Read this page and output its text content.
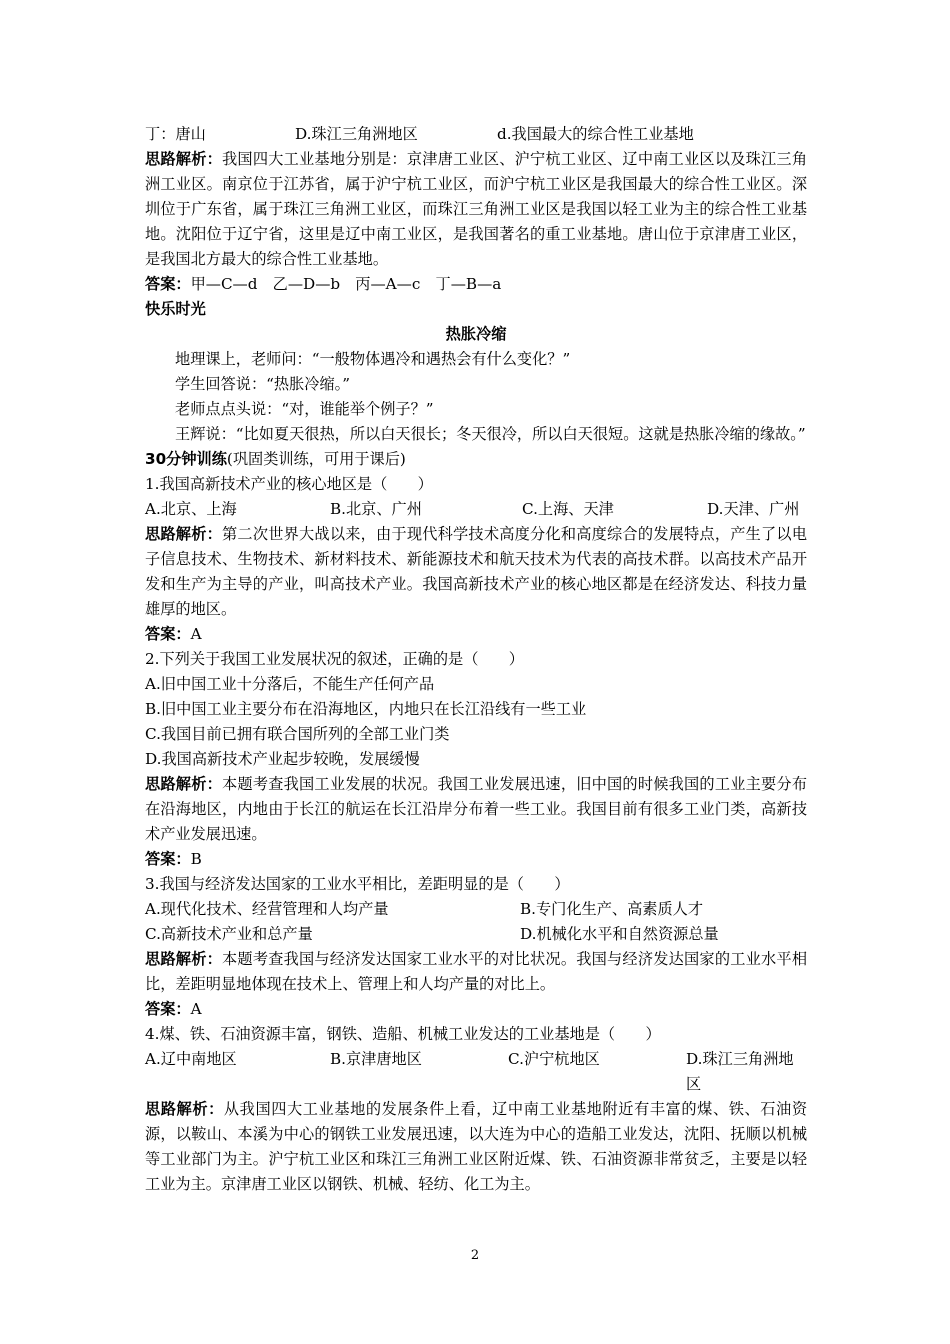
丁：唐山	D.珠江三角洲地区	d.我国最大的综合性工业基地
思路解析：我国四大工业基地分别是：京津唐工业区、沪宁杭工业区、辽中南工业区以及珠江三角洲工业区。南京位于江苏省，属于沪宁杭工业区，而沪宁杭工业区是我国最大的综合性工业区。深圳位于广东省，属于珠江三角洲工业区，而珠江三角洲工业区是我国以轻工业为主的综合性工业基地。沈阳位于辽宁省，这里是辽中南工业区，是我国著名的重工业基地。唐山位于京津唐工业区，是我国北方最大的综合性工业基地。
答案：甲—C—d　乙—D—b　丙—A—c　丁—B—a
快乐时光
热胀冷缩
地理课上，老师问：“一般物体遇冷和遇热会有什么变化？”
学生回答说：“热胀冷缩。”
老师点点头说：“对，谁能举个例子？”
王辉说：“比如夏天很热，所以白天很长；冬天很冷，所以白天很短。这就是热胀冷缩的缘故。”
30分钟训练(巩固类训练，可用于课后)
1.我国高新技术产业的核心地区是（　　）
A.北京、上海	B.北京、广州	C.上海、天津	D.天津、广州
思路解析：第二次世界大战以来，由于现代科学技术高度分化和高度综合的发展特点，产生了以电子信息技术、生物技术、新材料技术、新能源技术和航天技术为代表的高技术群。以高技术产品开发和生产为主导的产业，叫高技术产业。我国高新技术产业的核心地区都是在经济发达、科技力量雄厚的地区。
答案：A
2.下列关于我国工业发展状况的叙述，正确的是（　　）
A.旧中国工业十分落后，不能生产任何产品
B.旧中国工业主要分布在沿海地区，内地只在长江沿线有一些工业
C.我国目前已拥有联合国所列的全部工业门类
D.我国高新技术产业起步较晚，发展缓慢
思路解析：本题考查我国工业发展的状况。我国工业发展迅速，旧中国的时候我国的工业主要分布在沿海地区，内地由于长江的航运在长江沿岸分布着一些工业。我国目前有很多工业门类，高新技术产业发展迅速。
答案：B
3.我国与经济发达国家的工业水平相比，差距明显的是（　　）
A.现代化技术、经营管理和人均产量	B.专门化生产、高素质人才
C.高新技术产业和总产量	D.机械化水平和自然资源总量
思路解析：本题考查我国与经济发达国家工业水平的对比状况。我国与经济发达国家的工业水平相比，差距明显地体现在技术上、管理上和人均产量的对比上。
答案：A
4.煤、铁、石油资源丰富，钢铁、造船、机械工业发达的工业基地是（　　）
A.辽中南地区	B.京津唐地区	C.沪宁杭地区	D.珠江三角洲地区
思路解析：从我国四大工业基地的发展条件上看，辽中南工业基地附近有丰富的煤、铁、石油资源，以鞍山、本溪为中心的钢铁工业发展迅速，以大连为中心的造船工业发达，沈阳、抚顺以机械等工业部门为主。沪宁杭工业区和珠江三角洲工业区附近煤、铁、石油资源非常贫乏，主要是以轻工业为主。京津唐工业区以钢铁、机械、轻纺、化工为主。
2
